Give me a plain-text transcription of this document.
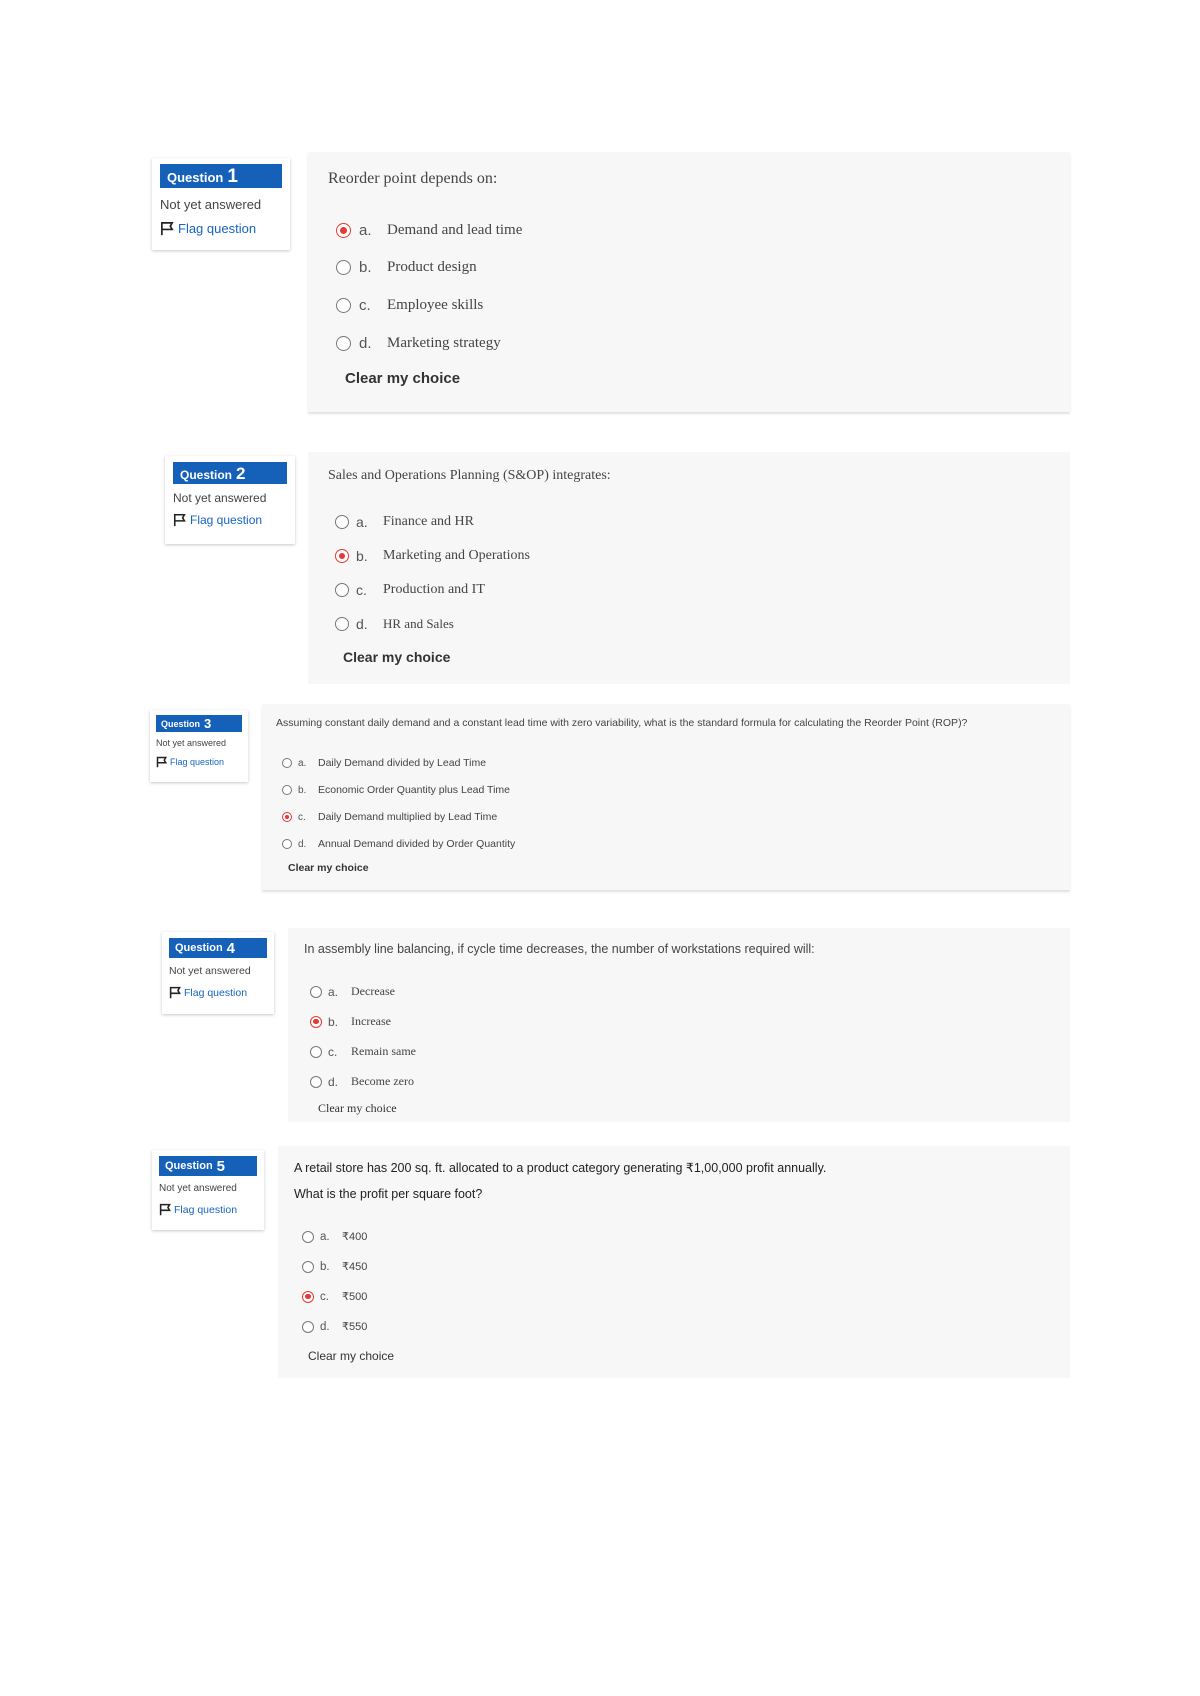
Question 1
Not yet answered
Flag question
Reorder point depends on:
a.	Demand and lead time
b.	Product design
c.	Employee skills
d.	Marketing strategy
Clear my choice
Question 2
Not yet answered
Flag question
Sales and Operations Planning (S&OP) integrates:
a.	Finance and HR
b.	Marketing and Operations
c.	Production and IT
d.	HR and Sales
Clear my choice
Question 3
Not yet answered
Flag question
Assuming constant daily demand and a constant lead time with zero variability, what is the standard formula for calculating the Reorder Point (ROP)?
a.	Daily Demand divided by Lead Time
b.	Economic Order Quantity plus Lead Time
c.	Daily Demand multiplied by Lead Time
d.	Annual Demand divided by Order Quantity
Clear my choice
Question 4
Not yet answered
Flag question
In assembly line balancing, if cycle time decreases, the number of workstations required will:
a.	Decrease
b.	Increase
c.	Remain same
d.	Become zero
Clear my choice
Question 5
Not yet answered
Flag question
A retail store has 200 sq. ft. allocated to a product category generating ₹1,00,000 profit annually.
What is the profit per square foot?
a.	₹400
b.	₹450
c.	₹500
d.	₹550
Clear my choice
